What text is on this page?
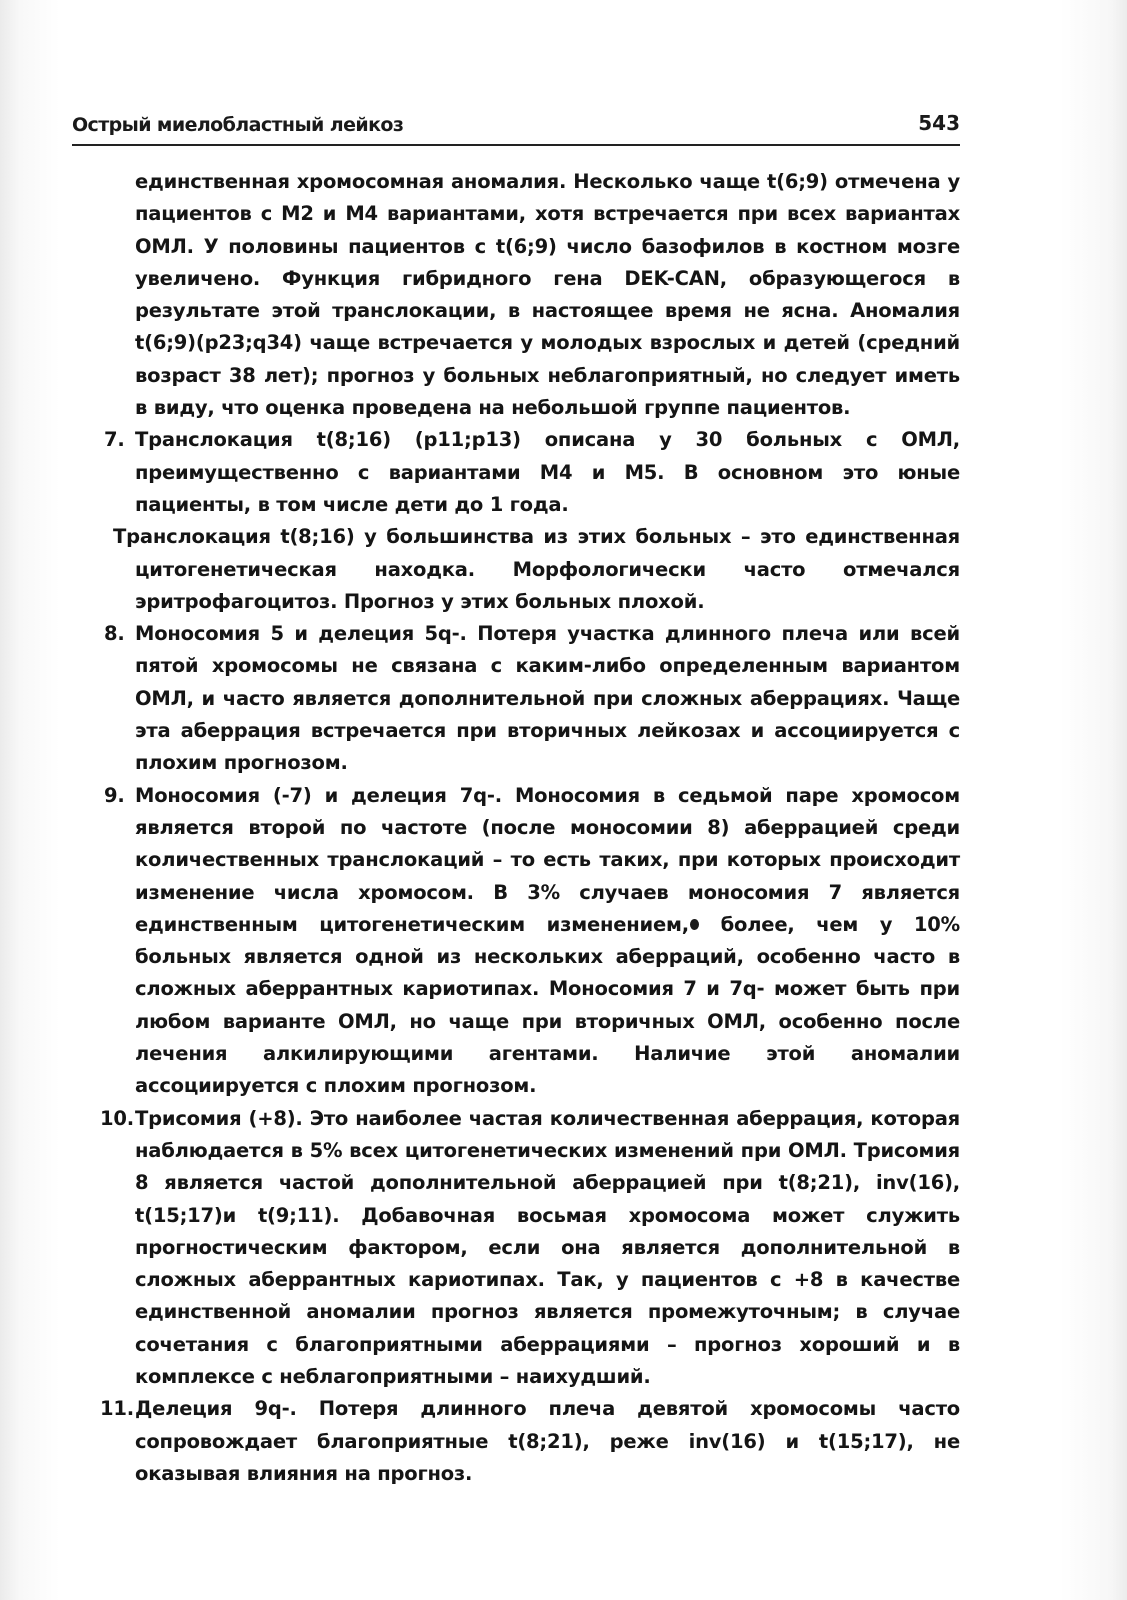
Острый миелобластный лейкоз	543

единственная хромосомная аномалия. Несколько чаще t(6;9) отмечена у пациентов с M2 и M4 вариантами, хотя встречается при всех вариантах ОМЛ. У половины пациентов с t(6;9) число базофилов в костном мозге увеличено. Функция гибридного гена DEK-CAN, образующегося в результате этой транслокации, в настоящее время не ясна. Аномалия t(6;9)(p23;q34) чаще встречается у молодых взрослых и детей (средний возраст 38 лет); прогноз у больных неблагоприятный, но следует иметь в виду, что оценка проведена на небольшой группе пациентов.

7. Транслокация t(8;16) (p11;p13) описана у 30 больных с ОМЛ, преимущественно с вариантами M4 и M5. В основном это юные пациенты, в том числе дети до 1 года.

Транслокация t(8;16) у большинства из этих больных – это единственная цитогенетическая находка. Морфологически часто отмечался эритрофагоцитоз. Прогноз у этих больных плохой.

8. Моносомия 5 и делеция 5q-. Потеря участка длинного плеча или всей пятой хромосомы не связана с каким-либо определенным вариантом ОМЛ, и часто является дополнительной при сложных аберрациях. Чаще эта аберрация встречается при вторичных лейкозах и ассоциируется с плохим прогнозом.
9. Моносомия (-7) и делеция 7q-. Моносомия в седьмой паре хромосом является второй по частоте (после моносомии 8) аберрацией среди количественных транслокаций – то есть таких, при которых происходит изменение числа хромосом. В 3% случаев моносомия 7 является единственным цитогенетическим изменением, более, чем у 10% больных является одной из нескольких аберраций, особенно часто в сложных аберрантных кариотипах. Моносомия 7 и 7q- может быть при любом варианте ОМЛ, но чаще при вторичных ОМЛ, особенно после лечения алкилирующими агентами. Наличие этой аномалии ассоциируется с плохим прогнозом.
10. Трисомия (+8). Это наиболее частая количественная аберрация, которая наблюдается в 5% всех цитогенетических изменений при ОМЛ. Трисомия 8 является частой дополнительной аберрацией при t(8;21), inv(16), t(15;17)и t(9;11). Добавочная восьмая хромосома может служить прогностическим фактором, если она является дополнительной в сложных аберрантных кариотипах. Так, у пациентов с +8 в качестве единственной аномалии прогноз является промежуточным; в случае сочетания с благоприятными аберрациями – прогноз хороший и в комплексе с неблагоприятными – наихудший.
11. Делеция 9q-. Потеря длинного плеча девятой хромосомы часто сопровождает благоприятные t(8;21), реже inv(16) и t(15;17), не оказывая влияния на прогноз.
